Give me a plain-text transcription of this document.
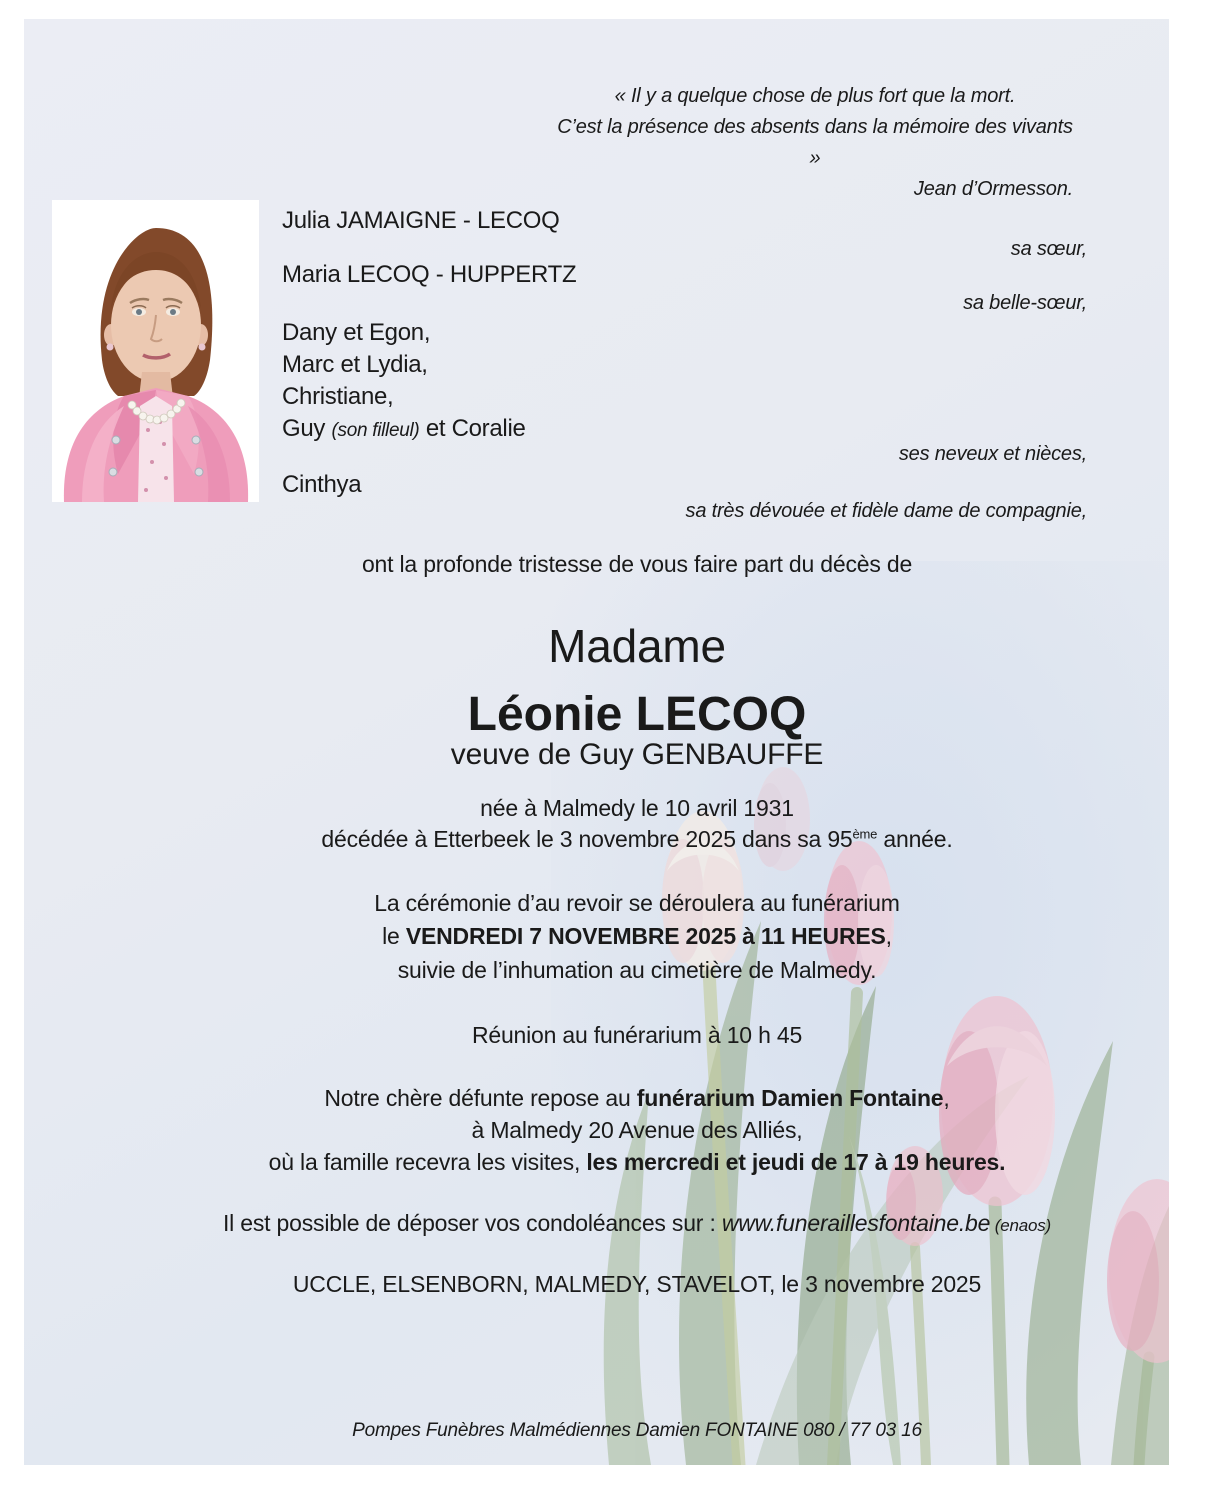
« Il y a quelque chose de plus fort que la mort.
C’est la présence des absents dans la mémoire des vivants »
Jean d’Ormesson.
Julia JAMAIGNE - LECOQ
sa sœur,
Maria LECOQ - HUPPERTZ
sa belle-sœur,
Dany et Egon,
Marc et Lydia,
Christiane,
Guy (son filleul) et Coralie
ses neveux et nièces,
Cinthya
sa très dévouée et fidèle dame de compagnie,
ont la profonde tristesse de vous faire part du décès de
Madame
Léonie LECOQ
veuve de Guy GENBAUFFE
née à Malmedy le 10 avril 1931
décédée à Etterbeek le 3 novembre 2025 dans sa 95ème année.
La cérémonie d’au revoir se déroulera au funérarium
le VENDREDI 7 NOVEMBRE 2025 à 11 HEURES,
suivie de l’inhumation au cimetière de Malmedy.
Réunion au funérarium à 10 h 45
Notre chère défunte repose au funérarium Damien Fontaine,
à Malmedy 20 Avenue des Alliés,
où la famille recevra les visites, les mercredi et jeudi de 17 à 19 heures.
Il est possible de déposer vos condoléances sur : www.funeraillesfontaine.be (enaos)
UCCLE, ELSENBORN, MALMEDY, STAVELOT, le 3 novembre 2025
Pompes Funèbres Malmédiennes Damien FONTAINE 080 / 77 03 16
